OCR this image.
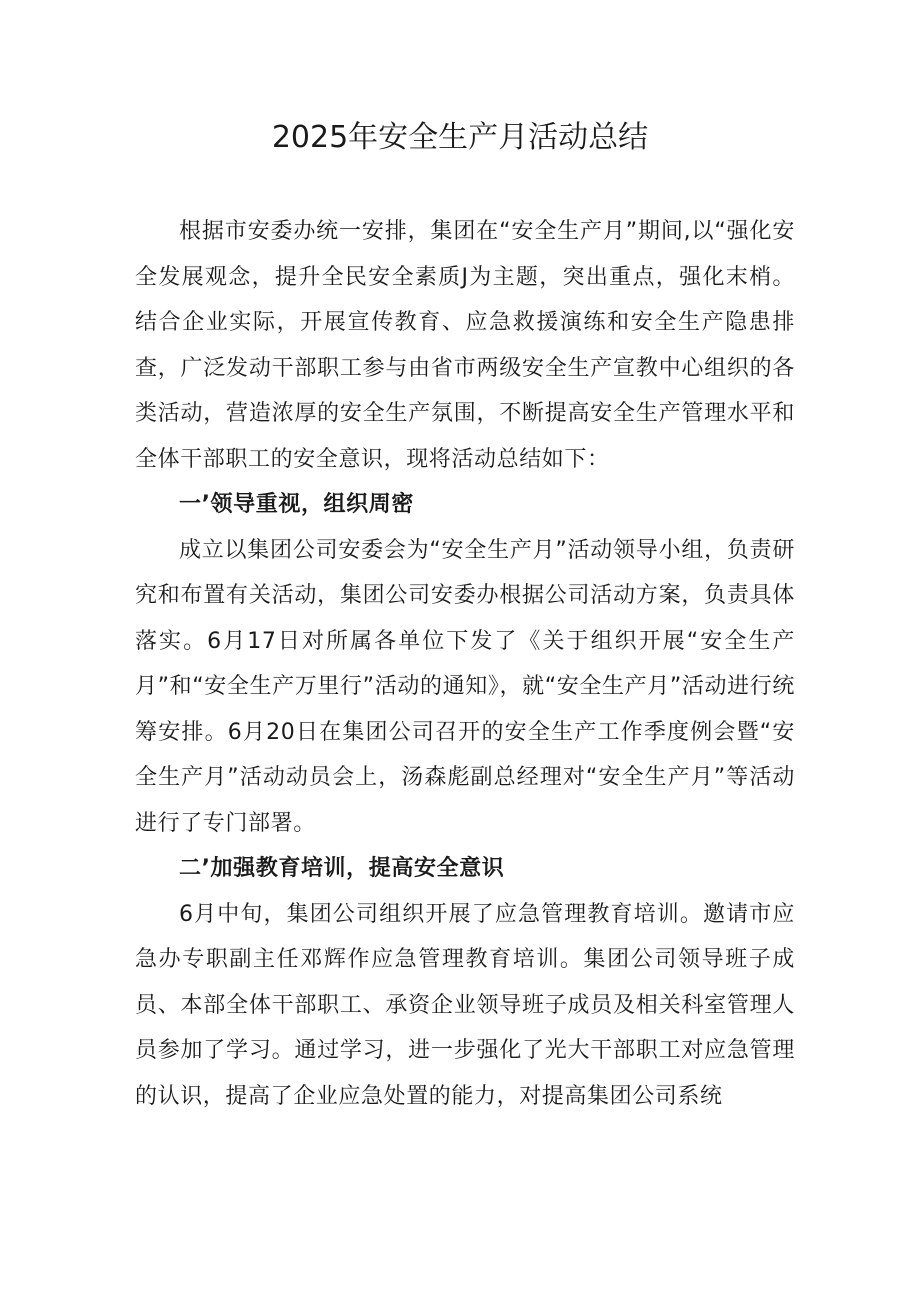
2025年安全生产月活动总结

根据市安委办统一安排，集团在“安全生产月”期间,以“强化安全发展观念，提升全民安全素质J为主题，突出重点，强化末梢。结合企业实际，开展宣传教育、应急救援演练和安全生产隐患排查，广泛发动干部职工参与由省市两级安全生产宣教中心组织的各类活动，营造浓厚的安全生产氛围，不断提高安全生产管理水平和全体干部职工的安全意识，现将活动总结如下：

一’领导重视，组织周密

成立以集团公司安委会为“安全生产月”活动领导小组，负责研究和布置有关活动，集团公司安委办根据公司活动方案，负责具体落实。6月17日对所属各单位下发了《关于组织开展“安全生产月”和“安全生产万里行”活动的通知》，就“安全生产月”活动进行统筹安排。6月20日在集团公司召开的安全生产工作季度例会暨“安全生产月”活动动员会上，汤森彪副总经理对“安全生产月”等活动进行了专门部署。

二’加强教育培训，提高安全意识

6月中旬，集团公司组织开展了应急管理教育培训。邀请市应急办专职副主任邓辉作应急管理教育培训。集团公司领导班子成员、本部全体干部职工、承资企业领导班子成员及相关科室管理人员参加了学习。通过学习，进一步强化了光大干部职工对应急管理的认识，提高了企业应急处置的能力，对提高集团公司系统
